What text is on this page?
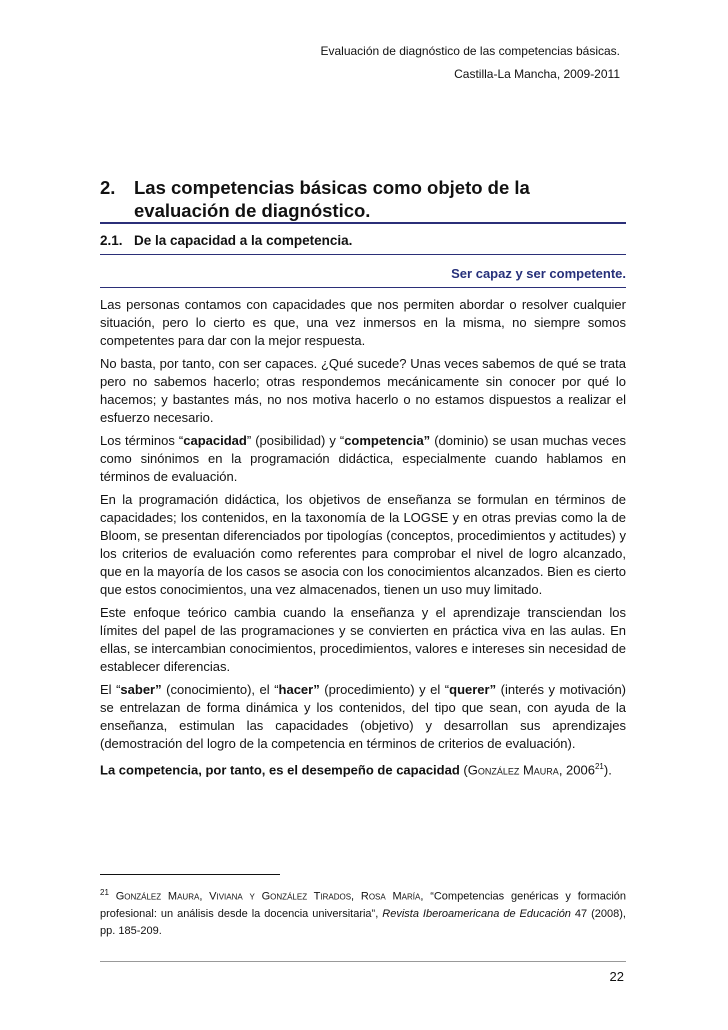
Evaluación de diagnóstico de las competencias básicas.
Castilla-La Mancha, 2009-2011
2. Las competencias básicas como objeto de la evaluación de diagnóstico.
2.1. De la capacidad a la competencia.
Ser capaz y ser competente.

Las personas contamos con capacidades que nos permiten abordar o resolver cualquier situación, pero lo cierto es que, una vez inmersos en la misma, no siempre somos competentes para dar con la mejor respuesta.

No basta, por tanto, con ser capaces. ¿Qué sucede? Unas veces sabemos de qué se trata pero no sabemos hacerlo; otras respondemos mecánicamente sin conocer por qué lo hacemos; y bastantes más, no nos motiva hacerlo o no estamos dispuestos a realizar el esfuerzo necesario.

Los términos “capacidad” (posibilidad) y “competencia” (dominio) se usan muchas veces como sinónimos en la programación didáctica, especialmente cuando hablamos en términos de evaluación.

En la programación didáctica, los objetivos de enseñanza se formulan en términos de capacidades; los contenidos, en la taxonomía de la LOGSE y en otras previas como la de Bloom, se presentan diferenciados por tipologías (conceptos, procedimientos y actitudes) y los criterios de evaluación como referentes para comprobar el nivel de logro alcanzado, que en la mayoría de los casos se asocia con los conocimientos alcanzados. Bien es cierto que estos conocimientos, una vez almacenados, tienen un uso muy limitado.

Este enfoque teórico cambia cuando la enseñanza y el aprendizaje transciendan los límites del papel de las programaciones y se convierten en práctica viva en las aulas. En ellas, se intercambian conocimientos, procedimientos, valores e intereses sin necesidad de establecer diferencias.

El “saber” (conocimiento), el “hacer” (procedimiento) y el “querer” (interés y motivación) se entrelazan de forma dinámica y los contenidos, del tipo que sean, con ayuda de la enseñanza, estimulan las capacidades (objetivo) y desarrollan sus aprendizajes (demostración del logro de la competencia en términos de criterios de evaluación).

La competencia, por tanto, es el desempeño de capacidad (González Maura, 2006$^{21}$).

$^{21}$ González Maura, Viviana y González Tirados, Rosa María, “Competencias genéricas y formación profesional: un análisis desde la docencia universitaria”, Revista Iberoamericana de Educación 47 (2008), pp. 185-209.
22
